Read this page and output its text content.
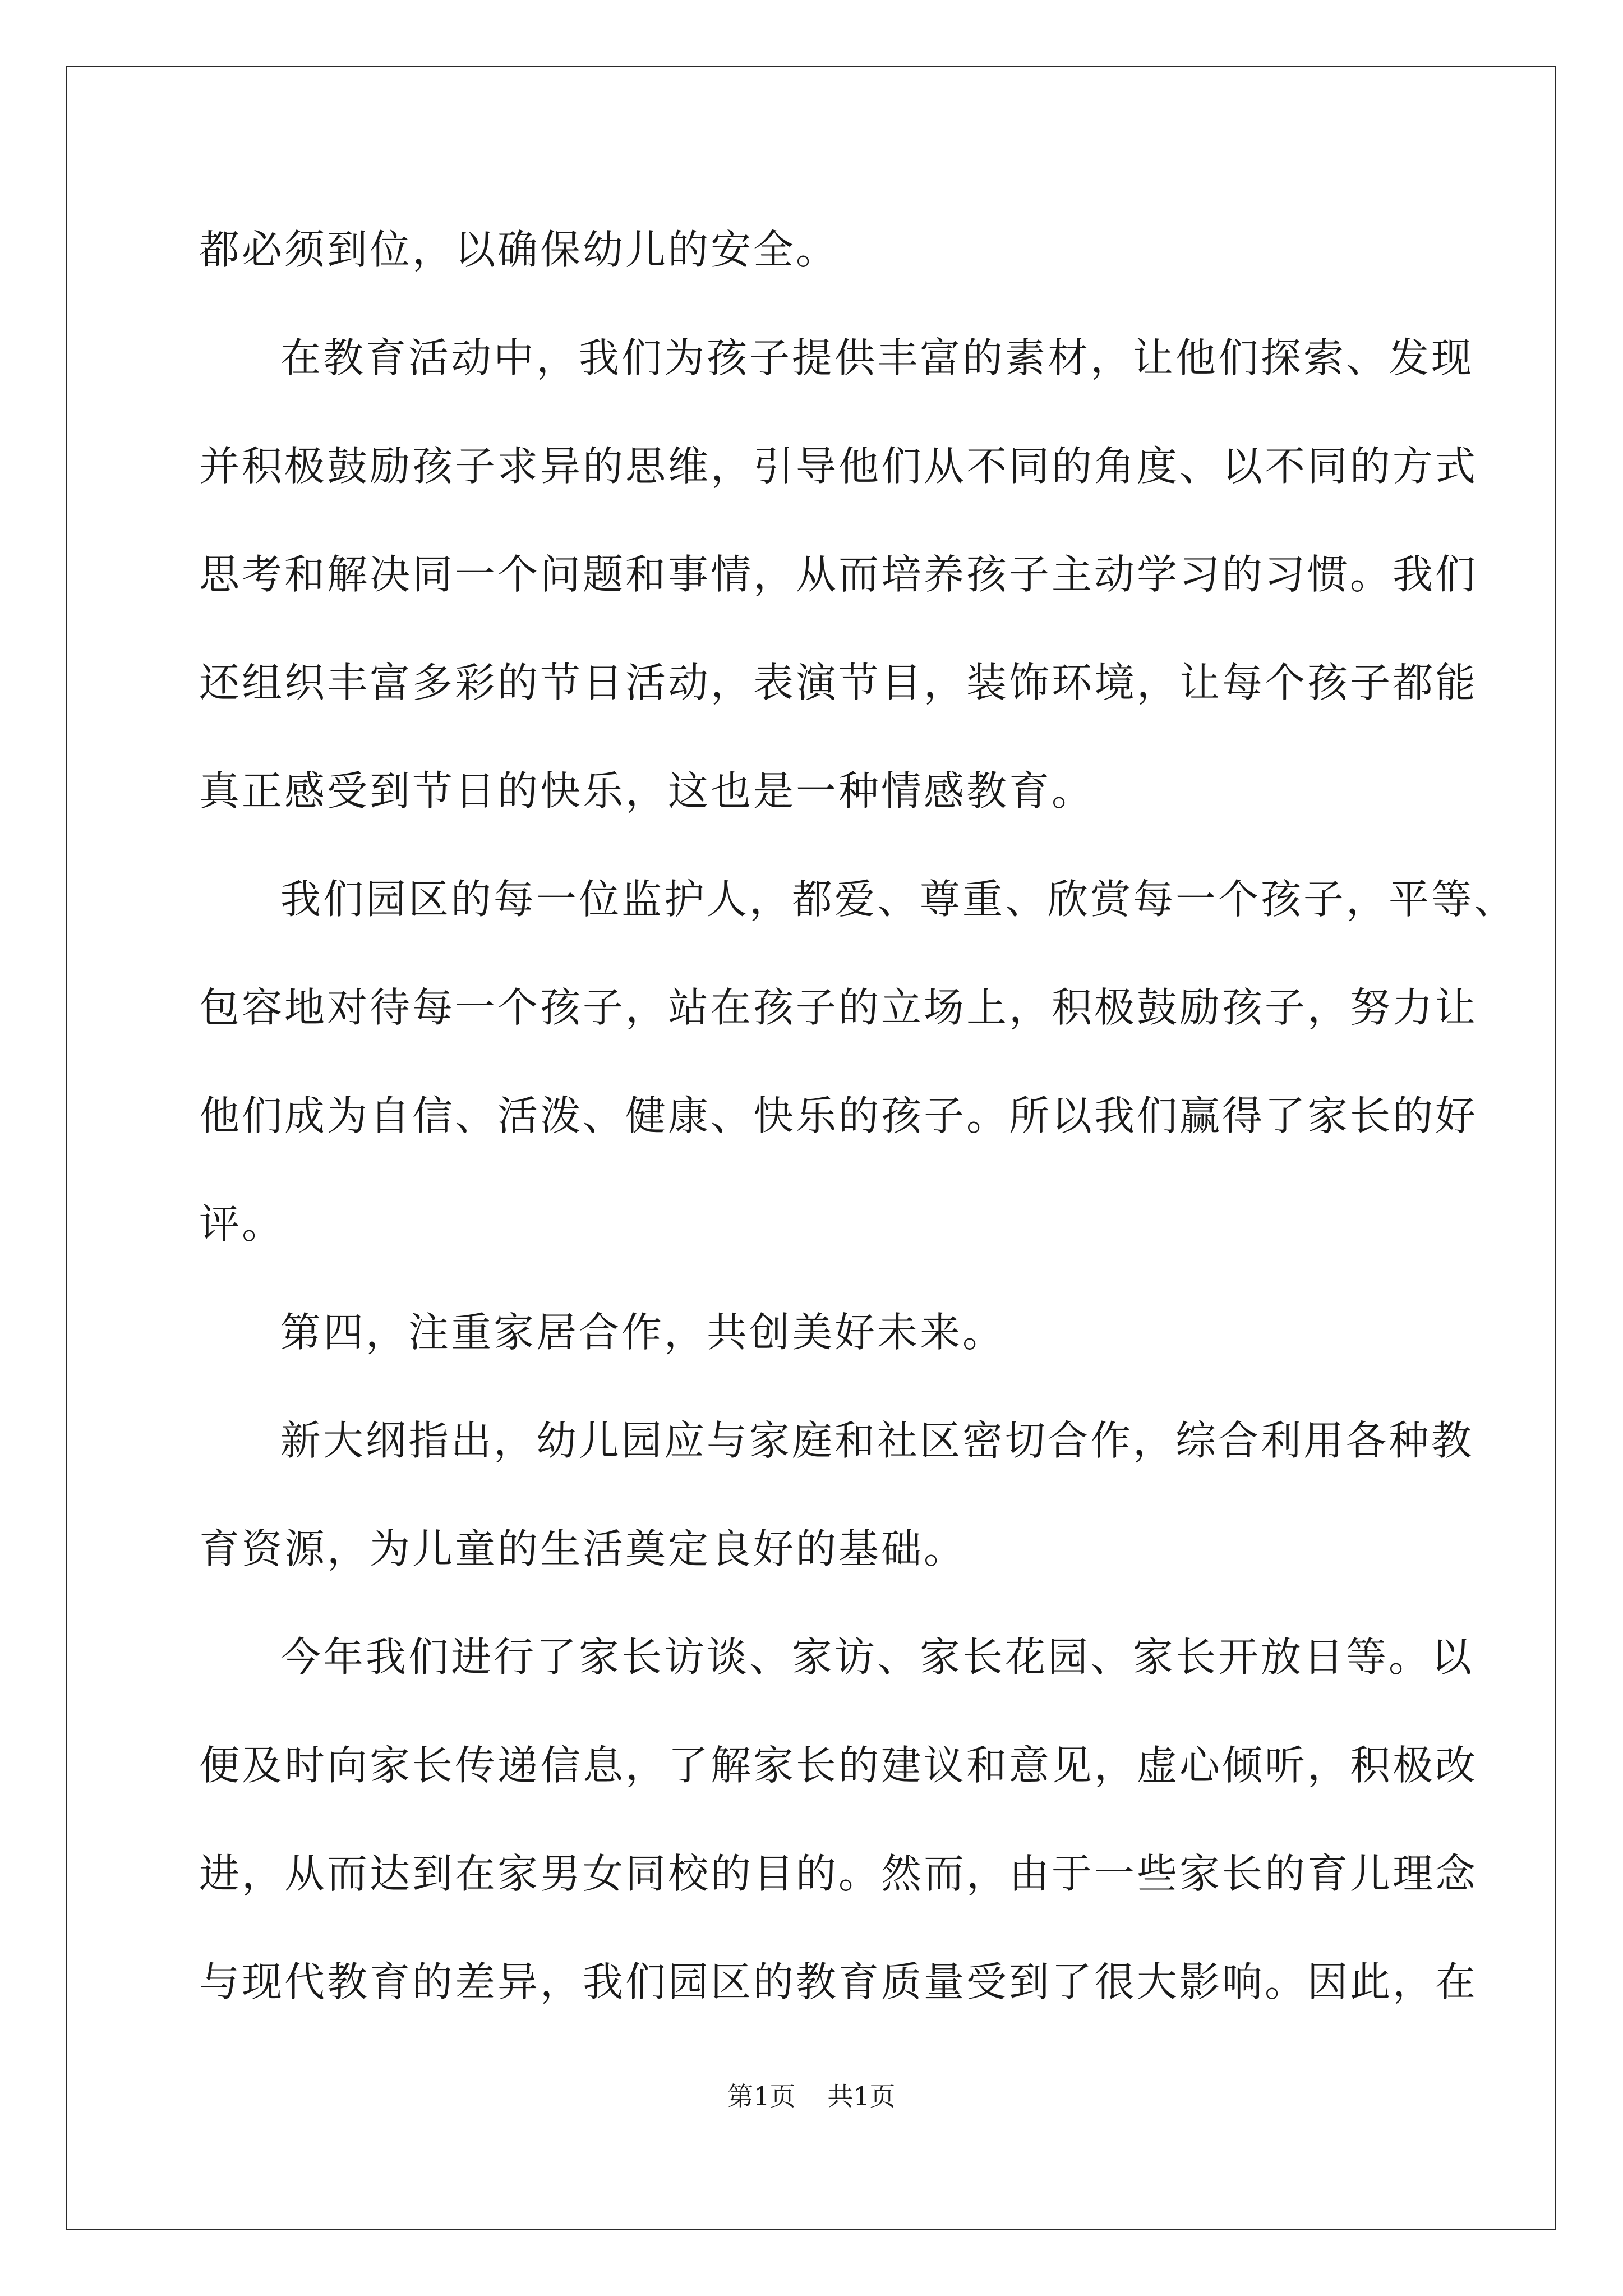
都必须到位，以确保幼儿的安全。
在教育活动中，我们为孩子提供丰富的素材，让他们探索、发现
并积极鼓励孩子求异的思维，引导他们从不同的角度、以不同的方式
思考和解决同一个问题和事情，从而培养孩子主动学习的习惯。我们
还组织丰富多彩的节日活动，表演节目，装饰环境，让每个孩子都能
真正感受到节日的快乐，这也是一种情感教育。
我们园区的每一位监护人，都爱、尊重、欣赏每一个孩子，平等、
包容地对待每一个孩子，站在孩子的立场上，积极鼓励孩子，努力让
他们成为自信、活泼、健康、快乐的孩子。所以我们赢得了家长的好
评。
第四，注重家居合作，共创美好未来。
新大纲指出，幼儿园应与家庭和社区密切合作，综合利用各种教
育资源，为儿童的生活奠定良好的基础。
今年我们进行了家长访谈、家访、家长花园、家长开放日等。以
便及时向家长传递信息，了解家长的建议和意见，虚心倾听，积极改
进，从而达到在家男女同校的目的。然而，由于一些家长的育儿理念
与现代教育的差异，我们园区的教育质量受到了很大影响。因此，在
第1页 共1页
